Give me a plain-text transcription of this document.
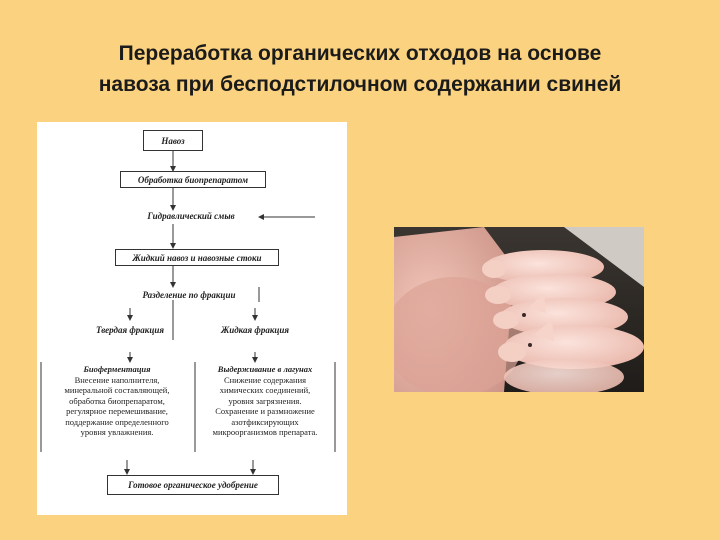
Переработка органических отходов на основе
навоза при бесподстилочном содержании свиней
Навоз
Обработка биопрепаратом
Гидравлический смыв
Жидкий навоз и навозные стоки
Разделение по фракции
Твердая фракция	Жидкая фракция
Биоферментация
Внесение наполнителя,
минеральной составляющей,
обработка биопрепаратом,
регулярное перемешивание,
поддержание определенного
уровня увлажнения.
Выдерживание в лагунах
Снижение содержания
химических соединений,
уровня загрязнения.
Сохранение и размножение
азотфиксирующих
микроорганизмов препарата.
Готовое органическое удобрение
